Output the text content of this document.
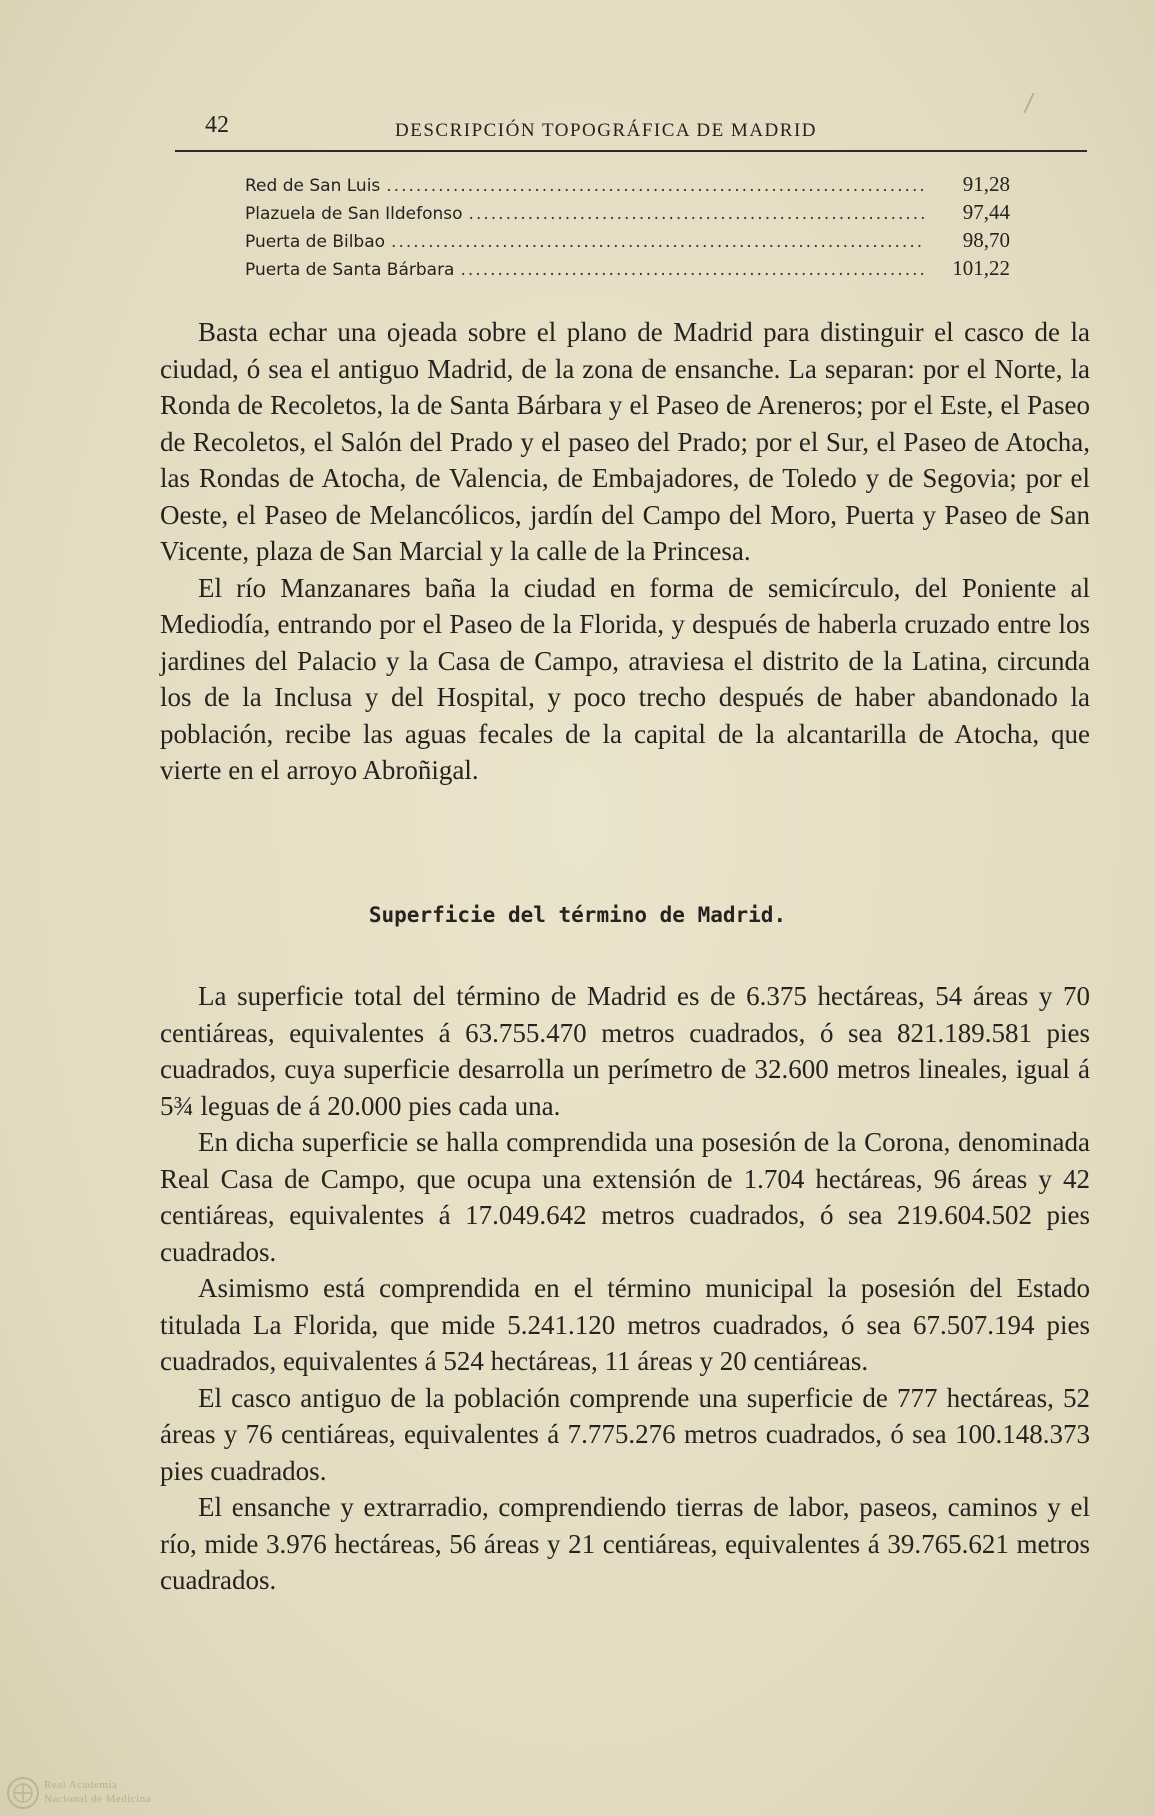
42	DESCRIPCIÓN TOPOGRÁFICA DE MADRID
Red de San Luis .....	91,28
Plazuela de San Ildefonso .....	97,44
Puerta de Bilbao .....	98,70
Puerta de Santa Bárbara .....	101,22

Basta echar una ojeada sobre el plano de Madrid para distinguir el casco de la ciudad, ó sea el antiguo Madrid, de la zona de ensanche. La separan: por el Norte, la Ronda de Recoletos, la de Santa Bárbara y el Paseo de Areneros; por el Este, el Paseo de Recoletos, el Salón del Prado y el paseo del Prado; por el Sur, el Paseo de Atocha, las Rondas de Atocha, de Valencia, de Embajadores, de Toledo y de Segovia; por el Oeste, el Paseo de Melancólicos, jardín del Campo del Moro, Puerta y Paseo de San Vicente, plaza de San Marcial y la calle de la Princesa.

El río Manzanares baña la ciudad en forma de semicírculo, del Poniente al Mediodía, entrando por el Paseo de la Florida, y después de haberla cruzado entre los jardines del Palacio y la Casa de Campo, atraviesa el distrito de la Latina, circunda los de la Inclusa y del Hospital, y poco trecho después de haber abandonado la población, recibe las aguas fecales de la capital de la alcantarilla de Atocha, que vierte en el arroyo Abroñigal.

Superficie del término de Madrid.

La superficie total del término de Madrid es de 6.375 hectáreas, 54 áreas y 70 centiáreas, equivalentes á 63.755.470 metros cuadrados, ó sea 821.189.581 pies cuadrados, cuya superficie desarrolla un perímetro de 32.600 metros lineales, igual á 5¾ leguas de á 20.000 pies cada una.

En dicha superficie se halla comprendida una posesión de la Corona, denominada Real Casa de Campo, que ocupa una extensión de 1.704 hectáreas, 96 áreas y 42 centiáreas, equivalentes á 17.049.642 metros cuadrados, ó sea 219.604.502 pies cuadrados.

Asimismo está comprendida en el término municipal la posesión del Estado titulada La Florida, que mide 5.241.120 metros cuadrados, ó sea 67.507.194 pies cuadrados, equivalentes á 524 hectáreas, 11 áreas y 20 centiáreas.

El casco antiguo de la población comprende una superficie de 777 hectáreas, 52 áreas y 76 centiáreas, equivalentes á 7.775.276 metros cuadrados, ó sea 100.148.373 pies cuadrados.

El ensanche y extrarradio, comprendiendo tierras de labor, paseos, caminos y el río, mide 3.976 hectáreas, 56 áreas y 21 centiáreas, equivalentes á 39.765.621 metros cuadrados.

Real Academia
Nacional de Medicina
